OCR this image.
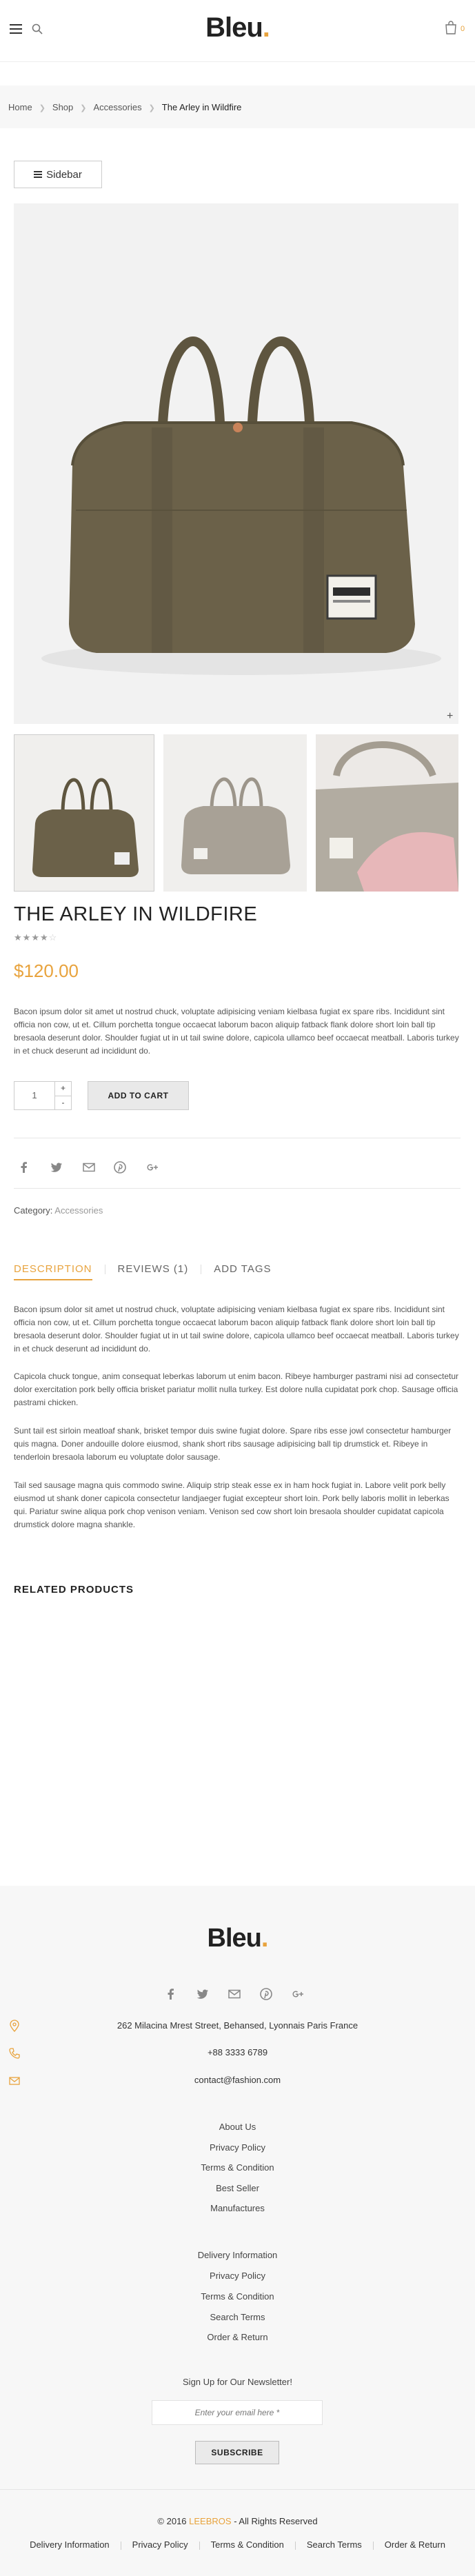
Bleu.	0
Home ❯ Shop ❯ Accessories ❯ The Arley in Wildfire
Sidebar
+
THE ARLEY IN WILDFIRE
★★★★☆
$120.00
Bacon ipsum dolor sit amet ut nostrud chuck, voluptate adipisicing veniam kielbasa fugiat ex spare ribs. Incididunt sint officia non cow, ut et. Cillum porchetta tongue occaecat laborum bacon aliquip fatback flank dolore short loin ball tip bresaola deserunt dolor. Shoulder fugiat ut in ut tail swine dolore, capicola ullamco beef occaecat meatball. Laboris turkey in et chuck deserunt ad incididunt do.
1
+
-
ADD TO CART
Category: Accessories
DESCRIPTION REVIEWS (1) ADD TAGS
Bacon ipsum dolor sit amet ut nostrud chuck, voluptate adipisicing veniam kielbasa fugiat ex spare ribs. Incididunt sint officia non cow, ut et. Cillum porchetta tongue occaecat laborum bacon aliquip fatback flank dolore short loin ball tip bresaola deserunt dolor. Shoulder fugiat ut in ut tail swine dolore, capicola ullamco beef occaecat meatball. Laboris turkey in et chuck deserunt ad incididunt do.
Capicola chuck tongue, anim consequat leberkas laborum ut enim bacon. Ribeye hamburger pastrami nisi ad consectetur dolor exercitation pork belly officia brisket pariatur mollit nulla turkey. Est dolore nulla cupidatat pork chop. Sausage officia pastrami chicken.
Sunt tail est sirloin meatloaf shank, brisket tempor duis swine fugiat dolore. Spare ribs esse jowl consectetur hamburger quis magna. Doner andouille dolore eiusmod, shank short ribs sausage adipisicing ball tip drumstick et. Ribeye in tenderloin bresaola laborum eu voluptate dolor sausage.
Tail sed sausage magna quis commodo swine. Aliquip strip steak esse ex in ham hock fugiat in. Labore velit pork belly eiusmod ut shank doner capicola consectetur landjaeger fugiat excepteur short loin. Pork belly laboris mollit in leberkas qui. Pariatur swine aliqua pork chop venison veniam. Venison sed cow short loin bresaola shoulder cupidatat capicola drumstick dolore magna shankle.
RELATED PRODUCTS
Bleu.
262 Milacina Mrest Street, Behansed, Lyonnais Paris France
+88 3333 6789
contact@fashion.com
About Us
Privacy Policy
Terms & Condition
Best Seller
Manufactures
Delivery Information
Privacy Policy
Terms & Condition
Search Terms
Order & Return
Sign Up for Our Newsletter!
Enter your email here *
SUBSCRIBE
© 2016 LEEBROS - All Rights Reserved
Delivery Information	Privacy Policy	Terms & Condition	Search Terms	Order & Return
